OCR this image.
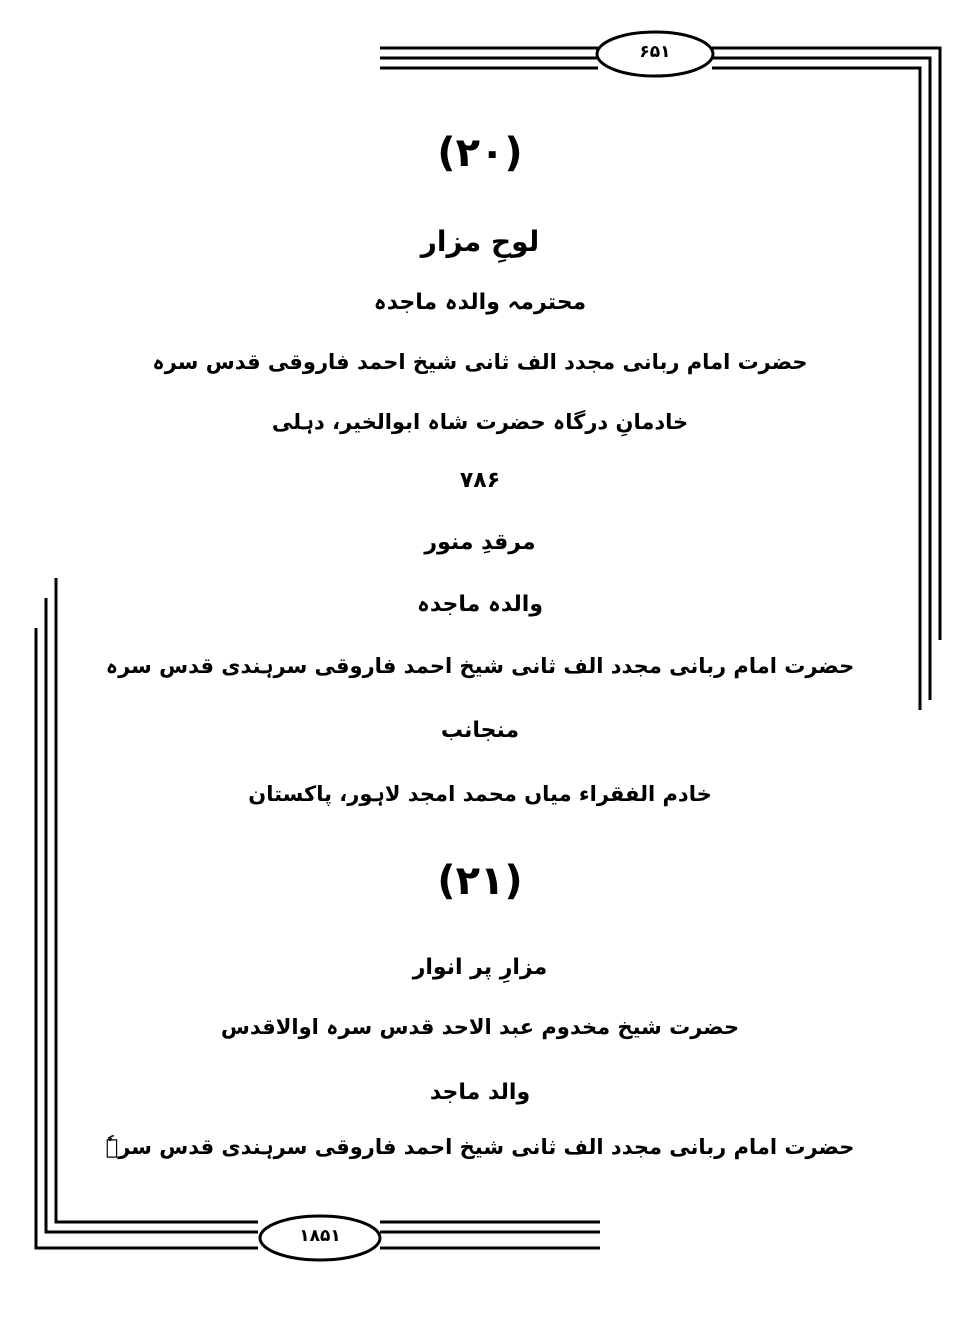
۶۵۱
۱۸۵۱
(۲۰)
لوحِ مزار
محترمہ والدہ ماجدہ
حضرت امام ربانی مجدد الف ثانی شیخ احمد فاروقی قدس سرہ
خادمانِ درگاہ حضرت شاہ ابوالخیر، دہلی
۷۸۶
مرقدِ منور
والدہ ماجدہ
حضرت امام ربانی مجدد الف ثانی شیخ احمد فاروقی سرہندی قدس سرہ
منجانب
خادم الفقراء میاں محمد امجد لاہور، پاکستان
(۲۱)
مزارِ پر انوار
حضرت شیخ مخدوم عبد الاحد قدس سرہ اوالاقدس
والد ماجد
حضرت امام ربانی مجدد الف ثانی شیخ احمد فاروقی سرہندی قدس سرہٗ
